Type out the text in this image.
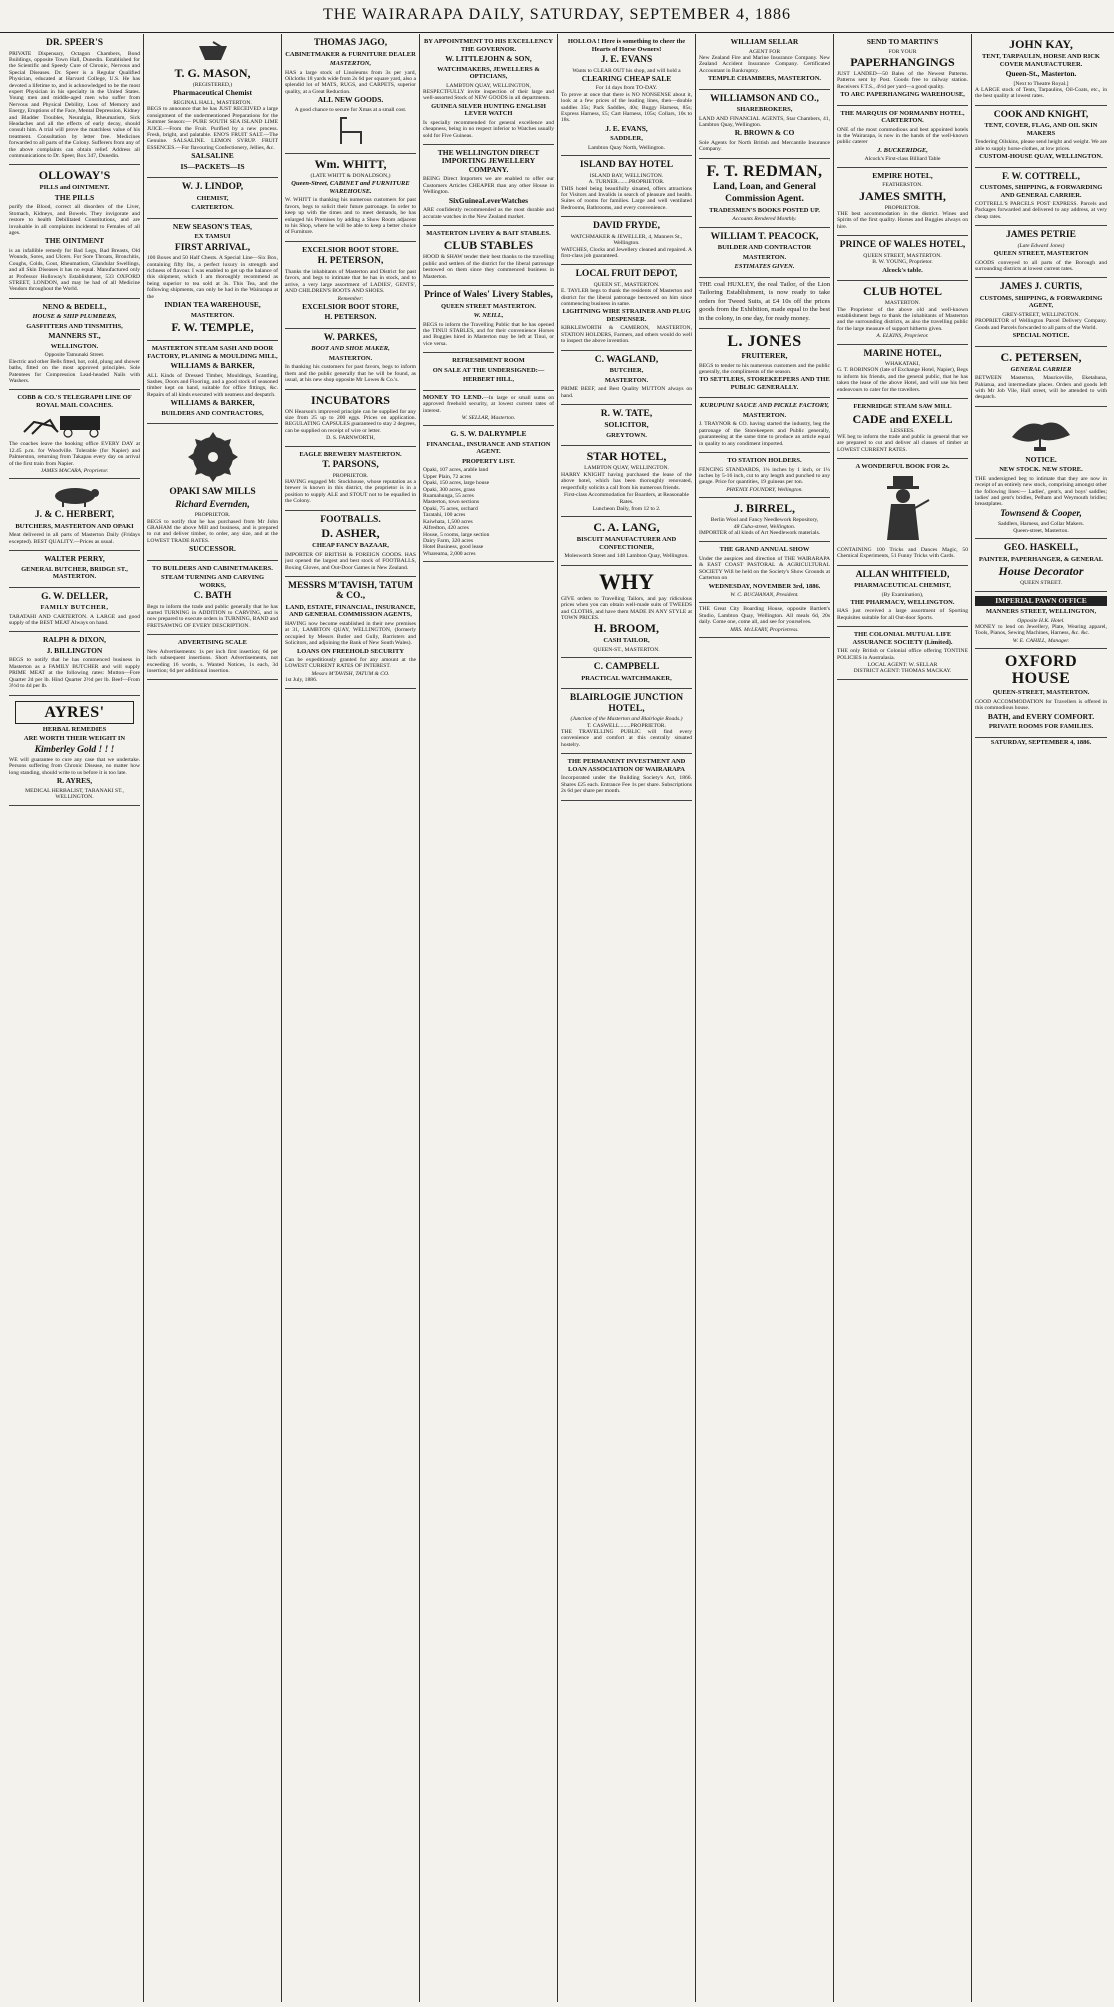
THE WAIRARAPA DAILY, SATURDAY, SEPTEMBER 4, 1886
DR. SPEER'S

PRIVATE Dispensary, Octagon Chambers, Bond Buildings, opposite Town Hall, Dunedin. Established for the Scientific and Speedy Cure of Chronic, Nervous and Special Diseases. Dr. Speer is a Regular Qualified Physician, educated at Harvard College, U.S. He has devoted a lifetime to, and is acknowledged to be the most expert Physician in his specialty in the United States. Young men and middle-aged men who suffer from Nervous and Physical Debility, Loss of Memory and Energy, Eruptions of the Face, Mental Depression, Kidney and Bladder Troubles, Neuralgia, Rheumatism, Sick Headaches and all the effects of early decay, should consult him. A trial will prove the matchless value of his treatment. Consultation by letter free. Medicines forwarded to all parts of the Colony. Sufferers from any of the above complaints can obtain relief. Address all communications to Dr. Speer, Box 347, Dunedin.

OLLOWAY'S
PILLS and OINTMENT.
THE PILLS

purify the Blood, correct all disorders of the Liver, Stomach, Kidneys, and Bowels. They invigorate and restore to health Debilitated Constitutions, and are invaluable in all complaints incidental to Females of all ages.

THE OINTMENT

is an infallible remedy for Bad Legs, Bad Breasts, Old Wounds, Sores, and Ulcers. For Sore Throats, Bronchitis, Coughs, Colds, Gout, Rheumatism, Glandular Swellings, and all Skin Diseases it has no equal. Manufactured only at Professor Holloway's Establishment, 533 OXFORD STREET, LONDON, and may be had of all Medicine Vendors throughout the World.

NENO & BEDELL,
HOUSE & SHIP PLUMBERS,
GASFITTERS AND TINSMITHS,
MANNERS ST.,
WELLINGTON.
Opposite Tamunaki Street.

Electric and other Bells fitted, hot, cold, plung and shower baths, fitted on the most approved principles. Sole Patentees for Compression Lead-headed Nails with Washers.

COBB & CO.'S TELEGRAPH LINE OF ROYAL MAIL COACHES.

The coaches leave the booking office EVERY DAY at 12.45 p.m. for Woodville. Tolerable (for Napier) and Palmerston, returning from Takapau every day on arrival of the first train from Napier.

JAMES MACARA, Proprietor.
J. & C. HERBERT,
BUTCHERS, MASTERTON AND OPAKI

Meat delivered in all parts of Masterton Daily (Fridays excepted). BEST QUALITY.—Prices as usual.

WALTER PERRY,
GENERAL BUTCHER, BRIDGE ST., MASTERTON.
G. W. DELLER,
FAMILY BUTCHER,

TARATAHI AND CARTERTON. A LARGE and good supply of the BEST MEAT Always on hand.

RALPH & DIXON,
J. BILLINGTON

BEGS to notify that he has commenced business in Masterton as a FAMILY BUTCHER and will supply PRIME MEAT at the following rates: Mutton—Fore Quarter 2d per lb. Hind Quarter 2½d per lb. Beef—From 3½d to 4d per lb.

AYRES'
HERBAL REMEDIES
ARE WORTH THEIR WEIGHT IN
Kimberley Gold ! ! !

WE will guarantee to cure any case that we undertake. Persons suffering from Chronic Disease, no matter how long standing, should write to us before it is too late.

R. AYRES,
MEDICAL HERBALIST, TARANAKI ST., WELLINGTON.
T. G. MASON,
(REGISTERED,)
Pharmaceutical Chemist
REGINAL HALL, MASTERTON.

BEGS to announce that he has JUST RECEIVED a large consignment of the undermentioned Preparations for the Summer Season:— PURE SOUTH SEA ISLAND LIME JUICE.—From the Fruit. Purified by a new process. Fresh, bright, and palatable. ENO'S FRUIT SALT.—The Genuine. SALSALINE. LEMON SYRUP. FRUIT ESSENCES.—For flavouring Confectionery, Jellies, &c.

SALSALINE
IS—PACKETS—IS
W. J. LINDOP,
CHEMIST,
CARTERTON.
NEW SEASON'S TEAS,
EX TAMSUI
FIRST ARRIVAL,

100 Boxes and 50 Half Chests. A Special Line—Six Box, containing fifty lbs, a perfect luxury in strength and richness of flavour. I was enabled to get up the balance of this shipment, which I am thoroughly recommend as being superior to tea sold at 3s. This Tea, and the following shipments, can only be had in the Wairarapa at the

INDIAN TEA WAREHOUSE,
MASTERTON.
F. W. TEMPLE,
MASTERTON STEAM SASH AND DOOR FACTORY, PLANING & MOULDING MILL,
WILLIAMS & BARKER,

ALL Kinds of Dressed Timber, Mouldings, Scantling, Sashes, Doors and Flooring, and a good stock of seasoned timber kept on hand, suitable for office fittings, &c. Repairs of all kinds executed with neatness and despatch.

WILLIAMS & BARKER,
BUILDERS AND CONTRACTORS,
OPAKI SAW MILLS
Richard Evernden,
PROPRIETOR.

BEGS to notify that he has purchased from Mr John GRAHAM the above Mill and business, and is prepared to cut and deliver timber, to order, any size, and at the LOWEST TRADE RATES.

SUCCESSOR.
TO BUILDERS AND CABINETMAKERS.
STEAM TURNING AND CARVING WORKS,
C. BATH

Begs to inform the trade and public generally that he has started TURNING in ADDITION to CARVING, and is now prepared to execute orders in TURNING, BAND and FRETSAWING OF EVERY DESCRIPTION.

ADVERTISING SCALE

New Advertisements: 1s per inch first insertion; 6d per inch subsequent insertions. Short Advertisements, not exceeding 16 words, s. Wanted Notices, 1s each, 3d insertion; 6d per additional insertion.

THOMAS JAGO,
CABINETMAKER & FURNITURE DEALER
MASTERTON,

HAS a large stock of Linoleums from 3s per yard, Oilcloths 18 yards wide from 2s 6d per square yard, also a splendid lot of MATS, RUGS, and CARPETS, superior quality, at a Great Reduction.

ALL NEW GOODS.

A good chance to secure for Xmas at a small cost.

Wm. WHITT,
(LATE WHITT & DONALDSON,)
Queen-Street, CABINET and FURNITURE WAREHOUSE.

W. WHITT in thanking his numerous customers for past favors, begs to solicit their future patronage. In order to keep up with the times and to meet demands, he has enlarged his Premises by adding a Show Room adjacent to his Shop, where he will be able to keep a better choice of Furniture.

EXCELSIOR BOOT STORE.
H. PETERSON,

Thanks the inhabitants of Masterton and District for past favors, and begs to intimate that he has in stock, and to arrive, a very large assortment of LADIES', GENTS', AND CHILDREN'S BOOTS AND SHOES.

Remember:
EXCELSIOR BOOT STORE,
H. PETERSON.
W. PARKES,
BOOT AND SHOE MAKER,
MASTERTON.

In thanking his customers for past favors, begs to inform them and the public generally that he will be found, as usual, at his new shop opposite Mr Lowes & Co.'s.

INCUBATORS

ON Hearson's improved principle can be supplied for any size from 25 up to 200 eggs. Prices on application. REGULATING CAPSULES guaranteed to stay 2 degrees, can be supplied on receipt of wire or letter.

D. S. FARNWORTH,
EAGLE BREWERY MASTERTON.
T. PARSONS,
PROPRIETOR.

HAVING engaged Mr. Stockhouse, whose reputation as a brewer is known in this district, the proprietor is in a position to supply ALE and STOUT not to be equalled in the Colony.

FOOTBALLS.
D. ASHER,
CHEAP FANCY BAZAAR,

IMPORTER OF BRITISH & FOREIGN GOODS. HAS just opened the largest and best stock of FOOTBALLS, Boxing Gloves, and Out-Door Games in New Zealand.

MESSRS M'TAVISH, TATUM & CO.,
LAND, ESTATE, FINANCIAL, INSURANCE, AND GENERAL COMMISSION AGENTS,

HAVING now become established in their new premises at 31, LAMBTON QUAY, WELLINGTON, (formerly occupied by Messrs Butler and Gully, Barristers and Solicitors, and adjoining the Bank of New South Wales).

LOANS ON FREEHOLD SECURITY

Can be expeditiously granted for any amount at the LOWEST CURRENT RATES OF INTEREST.

Messrs M'TAVISH, TATUM & CO.
1st July, 1886.
BY APPOINTMENT TO HIS EXCELLENCY THE GOVERNOR.
W. LITTLEJOHN & SON,
WATCHMAKERS, JEWELLERS & OPTICIANS,
LAMBTON QUAY, WELLINGTON,

RESPECTFULLY invite inspection of their large and well-assorted Stock of NEW GOODS in all departments.

GUINEA SILVER HUNTING ENGLISH LEVER WATCH

Is specially recommended for general excellence and cheapness, being in no respect inferior to Watches usually sold for Five Guineas.

THE WELLINGTON DIRECT IMPORTING JEWELLERY COMPANY.

BEING Direct Importers we are enabled to offer our Customers Articles CHEAPER than any other House in Wellington.

SixGuineaLeverWatches

ARE confidently recommended as the most durable and accurate watches in the New Zealand market.

MASTERTON LIVERY & BAIT STABLES.
CLUB STABLES

HOOD & SHAW tender their best thanks to the travelling public and settlers of the district for the liberal patronage bestowed on them since they commenced business in Masterton.

Prince of Wales' Livery Stables,
QUEEN STREET MASTERTON.
W. NEILL,

BEGS to inform the Travelling Public that he has opened the TINUI STABLES, and for their convenience Horses and Buggies hired in Masterton may be left at Tinui, or vice versa.

REFRESHMENT ROOM
ON SALE AT THE UNDERSIGNED:—
HERBERT HILL,

MONEY TO LEND.—In large or small sums on approved freehold security, at lowest current rates of interest.

W. SELLAR, Masterton.
G. S. W. DALRYMPLE
FINANCIAL, INSURANCE AND STATION AGENT.
PROPERTY LIST.
Opaki, 107 acres, arable land
Upper Plain, 72 acres
Opaki, 150 acres, large house
Opaki, 300 acres, grass
Ruamahunga, 55 acres
Masterton, town sections
Opaki, 75 acres, orchard
Taratahi, 100 acres
Kaiwhata, 1,500 acres
Alfredton, 420 acres
House, 5 rooms, large section
Dairy Farm, 320 acres
Hotel Business, good lease
Whareama, 2,000 acres
HOLLOA ! Here is something to cheer the Hearts of Horse Owners!
J. E. EVANS

Wants to CLEAR OUT his shop, and will hold a

CLEARING CHEAP SALE
For 14 days from TO-DAY.

To prove at once that there is NO NONSENSE about it, look at a few prices of the leading lines, then—double saddles 35s; Pack Saddles, 40s; Buggy Harness, 85s; Express Harness, £5; Cart Harness, 105s; Collars, 10s to 18s.

J. E. EVANS,
SADDLER,
Lambton Quay North, Wellington.
ISLAND BAY HOTEL
ISLAND BAY, WELLINGTON.
A. TURNER........PROPRIETOR.

THIS hotel being beautifully situated, offers attractions for Visitors and Invalids in search of pleasure and health. Suites of rooms for families. Large and well ventilated Bedrooms, Bathrooms, and every convenience.

DAVID FRYDE,
WATCHMAKER & JEWELLER, 4, Manners St., Wellington.

WATCHES, Clocks and Jewellery cleaned and repaired. A first-class job guaranteed.

LOCAL FRUIT DEPOT,
QUEEN ST., MASTERTON.

E. TAYLER begs to thank the residents of Masterton and district for the liberal patronage bestowed on him since commencing business in same.

LIGHTNING WIRE STRAINER AND PLUG DESPENSER.

KIRKLEWORTH & CAMERON, MASTERTON, STATION HOLDERS, Farmers, and others would do well to inspect the above invention.

C. WAGLAND,
BUTCHER,
MASTERTON.

PRIME BEEF, and Best Quality MUTTON always on hand.

R. W. TATE,
SOLICITOR,
GREYTOWN.
STAR HOTEL,
LAMBTON QUAY, WELLINGTON.

HARRY KNIGHT having purchased the lease of the above hotel, which has been thoroughly renovated, respectfully solicits a call from his numerous friends.

First-class Accommodation for Boarders, at Reasonable Rates.

Luncheon Daily, from 12 to 2.
C. A. LANG,
BISCUIT MANUFACTURER AND CONFECTIONER,

Molesworth Street and 148 Lambton Quay, Wellington.

WHY

GIVE orders to Travelling Tailors, and pay ridiculous prices when you can obtain well-made suits of TWEEDS and CLOTHS, and have them MADE IN ANY STYLE at TOWN PRICES.

H. BROOM,
CASH TAILOR,
QUEEN-ST., MASTERTON.
C. CAMPBELL
PRACTICAL WATCHMAKER,
BLAIRLOGIE JUNCTION HOTEL,
(Junction of the Masterton and Blairlogie Roads.)
T. CASWELL........PROPRIETOR.

THE TRAVELLING PUBLIC will find every convenience and comfort at this centrally situated hostelry.

THE PERMANENT INVESTMENT AND LOAN ASSOCIATION OF WAIRARAPA

Incorporated under the Building Society's Act, 1866. Shares £25 each. Entrance Fee 1s per share. Subscriptions 2s 6d per share per month.

WILLIAM SELLAR
AGENT FOR

New Zealand Fire and Marine Insurance Company. New Zealand Accident Insurance Company. Certificated Accountant in Bankruptcy.

TEMPLE CHAMBERS, MASTERTON.
WILLIAMSON AND CO.,
SHAREBROKERS,

LAND AND FINANCIAL AGENTS, Star Chambers, 41, Lambton Quay, Wellington.

R. BROWN & CO

Sole Agents for North British and Mercantile Insurance Company.

F. T. REDMAN,
Land, Loan, and General
Commission Agent.
TRADESMEN'S BOOKS POSTED UP.
Accounts Rendered Monthly.
WILLIAM T. PEACOCK,
BUILDER AND CONTRACTOR
MASTERTON.
ESTIMATES GIVEN.

THE coal HUXLEY, the real Tailor, of the Lion Tailoring Establishment, is now ready to take orders for Tweed Suits, at £4 10s off the prices goods from the Exhibition, made equal to the best in the colony, in one day, for ready money.

L. JONES
FRUITERER,

BEGS to tender to his numerous customers and the public generally, the compliments of the season.

TO SETTLERS, STOREKEEPERS AND THE PUBLIC GENERALLY.
KURUPUNI SAUCE AND PICKLE FACTORY,
MASTERTON.

J. TRAYNOR & CO. having started the industry, beg the patronage of the Storekeepers and Public generally, guaranteeing at the same time to produce an article equal in quality to any condiment imported.

TO STATION HOLDERS.

FENCING STANDARDS, 1¼ inches by 1 inch, or 1¼ inches by 5-16 inch, cut to any length and punched to any gauge. Price for quantities, 19 guineas per ton.

PHŒNIX FOUNDRY, Wellington.
J. BIRREL,
Berlin Wool and Fancy Needlework Repository,
48 Cuba-street, Wellington.

IMPORTER of all kinds of Art Needlework materials.

THE GRAND ANNUAL SHOW

Under the auspices and direction of THE WAIRARAPA & EAST COAST PASTORAL & AGRICULTURAL SOCIETY Will be held on the Society's Show Grounds at Carterton on

WEDNESDAY, NOVEMBER 3rd, 1886.
W. C. BUCHANAN, President.

THE Great City Boarding House, opposite Bartlett's Studio, Lambton Quay, Wellington. All meals 6d, 20s daily. Come one, come all, and see for yourselves.

MRS. McLEARY, Proprietress.
SEND TO MARTIN'S
FOR YOUR
PAPERHANGINGS

JUST LANDED—50 Bales of the Newest Patterns. Patterns sent by Post. Goods free to railway station. Receivers F.T.S., 4½d per yard—a good quality.

TO ARC PAPERHANGING WAREHOUSE,
THE MARQUIS OF NORMANBY HOTEL, CARTERTON.

ONE of the most commodious and best appointed hotels in the Wairarapa, is now in the hands of the well-known public caterer

J. BUCKERIDGE,
Alcock's First-class Billiard Table
EMPIRE HOTEL,
FEATHERSTON.
JAMES SMITH,
PROPRIETOR.

THE best accommodation in the district. Wines and Spirits of the first quality. Horses and Buggies always on hire.

PRINCE OF WALES HOTEL,
QUEEN STREET, MASTERTON.
B. W. YOUNG, Proprietor.
Alcock's table.
CLUB HOTEL
MASTERTON.

The Proprietor of the above old and well-known establishment begs to thank the inhabitants of Masterton and the surrounding districts, as also the travelling public for the large measure of support hitherto given.

A. ELKINS, Proprietor.
MARINE HOTEL,
WHAKATAKI,

G. T. ROBINSON (late of Exchange Hotel, Napier), Begs to inform his friends, and the general public, that he has taken the lease of the above Hotel, and will use his best endeavours to cater for the travellers.

FERNRIDGE STEAM SAW MILL
CADE and EXELL
LESSEES.

WE beg to inform the trade and public in general that we are prepared to cut and deliver all classes of timber at LOWEST CURRENT RATES.

A WONDERFUL BOOK FOR 2s.

CONTAINING 100 Tricks and Dances Magic, 50 Chemical Experiments, 51 Funny Tricks with Cards.

ALLAN WHITFIELD,
PHARMACEUTICAL CHEMIST,
(By Examination),
THE PHARMACY, WELLINGTON.

HAS just received a large assortment of Sporting Requisites suitable for all Out-door Sports.

THE COLONIAL MUTUAL LIFE ASSURANCE SOCIETY (Limited).

THE only British or Colonial office offering TONTINE POLICIES in Australasia.

LOCAL AGENT: W. SELLAR
DISTRICT AGENT: THOMAS MACKAY.
JOHN KAY,
TENT, TARPAULIN, HORSE AND RICK COVER MANUFACTURER.
Queen-St., Masterton.
[Next to Theatre Royal.]

A LARGE stock of Tents, Tarpaulins, Oil-Coats, etc., in the best quality at lowest rates.

COOK AND KNIGHT,
TENT, COVER, FLAG, AND OIL SKIN MAKERS

Tendering Oilskins, please send height and weight. We are able to supply horse-clothes, at low prices.

CUSTOM-HOUSE QUAY, WELLINGTON.
F. W. COTTRELL,
CUSTOMS, SHIPPING, & FORWARDING AND GENERAL CARRIER.

COTTRELL'S PARCELS POST EXPRESS. Parcels and Packages forwarded and delivered to any address, at very cheap rates.

JAMES PETRIE
(Late Edward Jones)
QUEEN STREET, MASTERTON

GOODS conveyed to all parts of the Borough and surrounding districts at lowest current rates.

JAMES J. CURTIS,
CUSTOMS, SHIPPING, & FORWARDING AGENT,
GREY-STREET, WELLINGTON.

PROPRIETOR of Wellington Parcel Delivery Company. Goods and Parcels forwarded to all parts of the World.

SPECIAL NOTICE.
C. PETERSEN,
GENERAL CARRIER

BETWEEN Masterton, Mauriceville, Eketahuna, Pahiatua, and intermediate places. Orders and goods left with Mr Job Vile, Hall street, will be attended to with despatch.

NOTICE.
NEW STOCK. NEW STORE.

THE undersigned beg to intimate that they are now in receipt of an entirely new stock, comprising amongst other the following lines:— Ladies', gent's, and boys' saddles; ladies' and gent's bridles, Pelham and Weymouth bridles; breastplates.

Townsend & Cooper,
Saddlers, Harness, and Collar Makers.
Queen-street, Masterton.
GEO. HASKELL,
PAINTER, PAPERHANGER, & GENERAL
House Decorator
QUEEN STREET.
IMPERIAL PAWN OFFICE
MANNERS STREET, WELLINGTON,
Opposite H.K. Hotel.

MONEY to lend on Jewellery, Plate, Wearing apparel, Tools, Pianos, Sewing Machines, Harness, &c. &c.

W. E. CAHILL, Manager.
OXFORD HOUSE
QUEEN-STREET, MASTERTON.

GOOD ACCOMMODATION for Travellers is offered in this commodious house.

BATH, and EVERY COMFORT.
PRIVATE ROOMS FOR FAMILIES.
SATURDAY, SEPTEMBER 4, 1886.
